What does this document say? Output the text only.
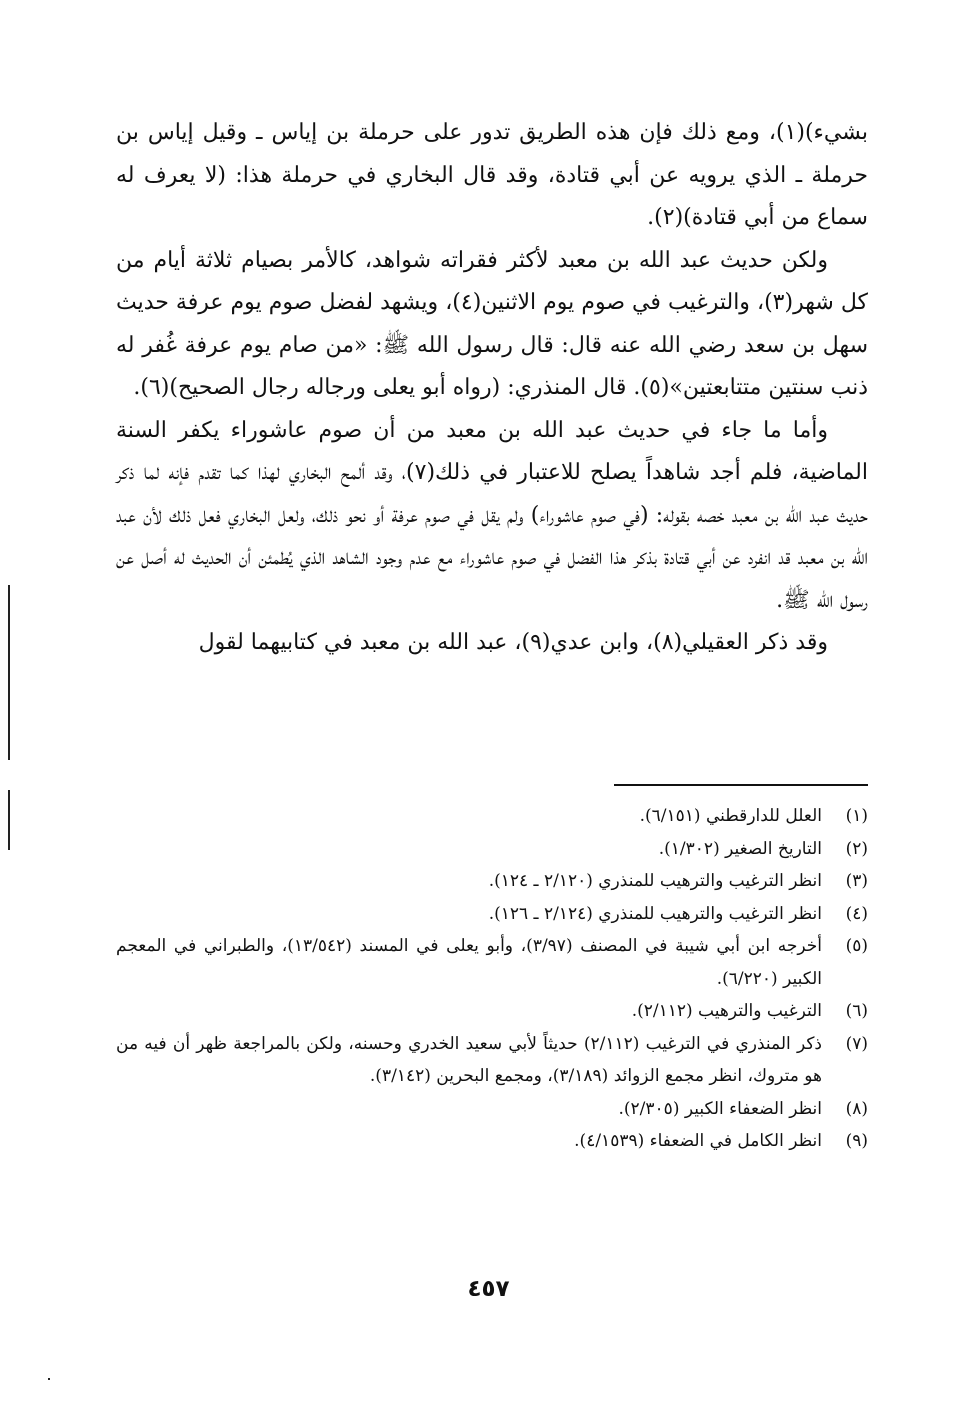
بشيء)(١)، ومع ذلك فإن هذه الطريق تدور على حرملة بن إياس ـ وقيل إياس بن حرملة ـ الذي يرويه عن أبي قتادة، وقد قال البخاري في حرملة هذا: (لا يعرف له سماع من أبي قتادة)(٢).

ولكن حديث عبد الله بن معبد لأكثر فقراته شواهد، كالأمر بصيام ثلاثة أيام من كل شهر(٣)، والترغيب في صوم يوم الاثنين(٤)، ويشهد لفضل صوم يوم عرفة حديث سهل بن سعد رضي الله عنه قال: قال رسول الله ﷺ: «من صام يوم عرفة غُفر له ذنب سنتين متتابعتين»(٥). قال المنذري: (رواه أبو يعلى ورجاله رجال الصحيح)(٦).

وأما ما جاء في حديث عبد الله بن معبد من أن صوم عاشوراء يكفر السنة الماضية، فلم أجد شاهداً يصلح للاعتبار في ذلك(٧)، وقد ألمح البخاري لهذا كما تقدم فإنه لما ذكر حديث عبد الله بن معبد خصه بقوله: (في صوم عاشوراء) ولم يقل في صوم عرفة أو نحو ذلك، ولعل البخاري فعل ذلك لأن عبد الله بن معبد قد انفرد عن أبي قتادة بذكر هذا الفضل في صوم عاشوراء مع عدم وجود الشاهد الذي يُطمئن أن الحديث له أصل عن رسول الله ﷺ.

وقد ذكر العقيلي(٨)، وابن عدي(٩)، عبد الله بن معبد في كتابيهما لقول

(١)
العلل للدارقطني (٦/١٥١).
(٢)
التاريخ الصغير (١/٣٠٢).
(٣)
انظر الترغيب والترهيب للمنذري (٢/١٢٠ ـ ١٢٤).
(٤)
انظر الترغيب والترهيب للمنذري (٢/١٢٤ ـ ١٢٦).
(٥)
أخرجه ابن أبي شيبة في المصنف (٣/٩٧)، وأبو يعلى في المسند (١٣/٥٤٢)، والطبراني في المعجم الكبير (٦/٢٢٠).
(٦)
الترغيب والترهيب (٢/١١٢).
(٧)
ذكر المنذري في الترغيب (٢/١١٢) حديثاً لأبي سعيد الخدري وحسنه، ولكن بالمراجعة ظهر أن فيه من هو متروك، انظر مجمع الزوائد (٣/١٨٩)، ومجمع البحرين (٣/١٤٢).
(٨)
انظر الضعفاء الكبير (٢/٣٠٥).
(٩)
انظر الكامل في الضعفاء (٤/١٥٣٩).
٤٥٧
